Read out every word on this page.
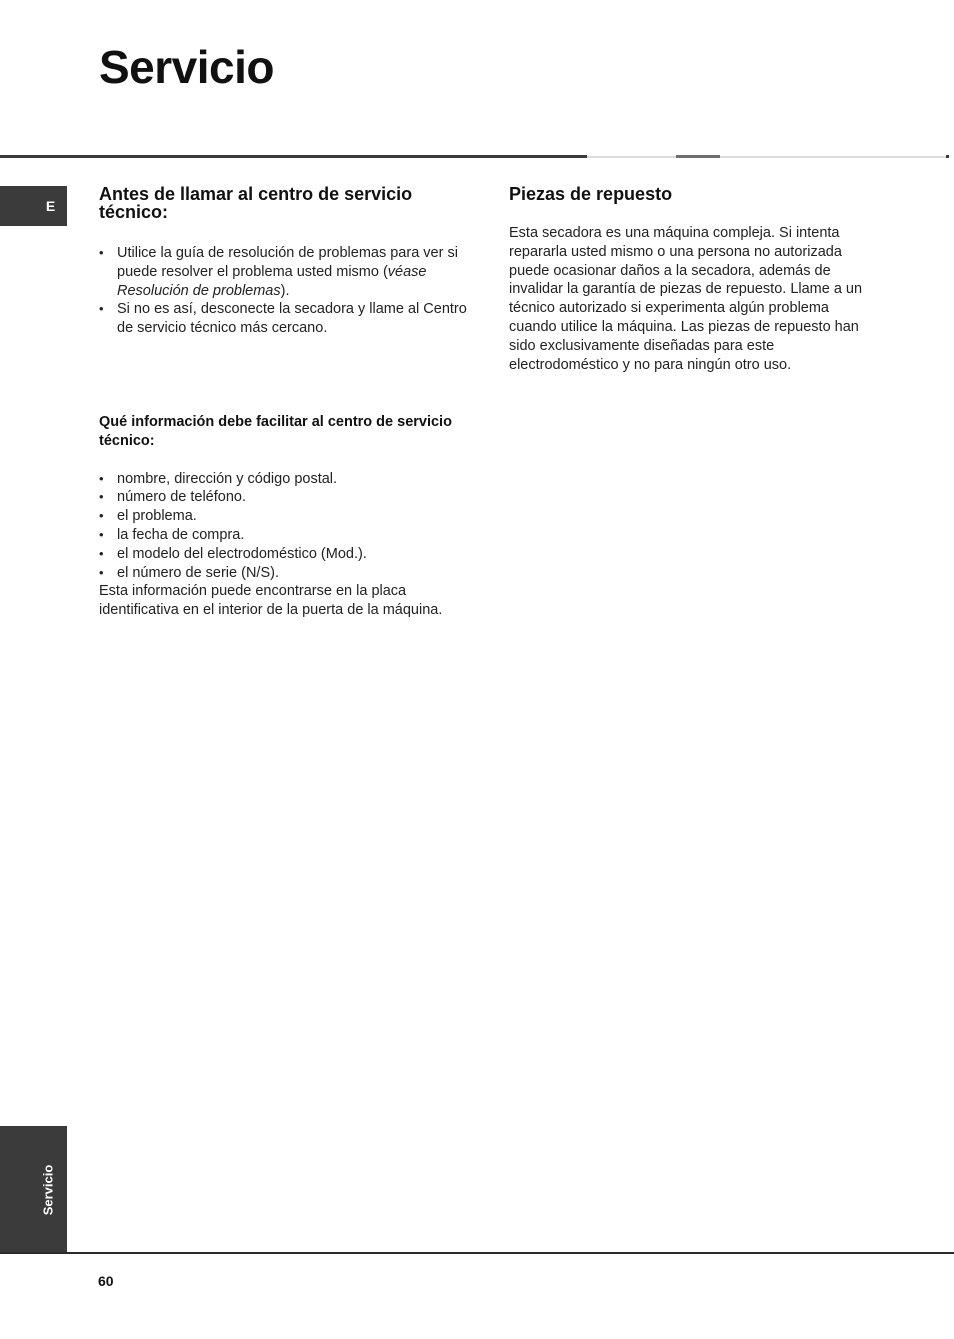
Servicio
E
Antes de llamar al centro de servicio técnico:
• Utilice la guía de resolución de problemas para ver si puede resolver el problema usted mismo (véase Resolución de problemas).
• Si no es así, desconecte la secadora y llame al Centro de servicio técnico más cercano.
Qué información debe facilitar al centro de servicio técnico:
• nombre, dirección y código postal.
• número de teléfono.
• el problema.
• la fecha de compra.
• el modelo del electrodoméstico (Mod.).
• el número de serie (N/S).

Esta información puede encontrarse en la placa identificativa en el interior de la puerta de la máquina.

Piezas de repuesto

Esta secadora es una máquina compleja. Si intenta repararla usted mismo o una persona no autorizada puede ocasionar daños a la secadora, además de invalidar la garantía de piezas de repuesto. Llame a un técnico autorizado si experimenta algún problema cuando utilice la máquina. Las piezas de repuesto han sido exclusivamente diseñadas para este electrodoméstico y no para ningún otro uso.

Servicio
60
